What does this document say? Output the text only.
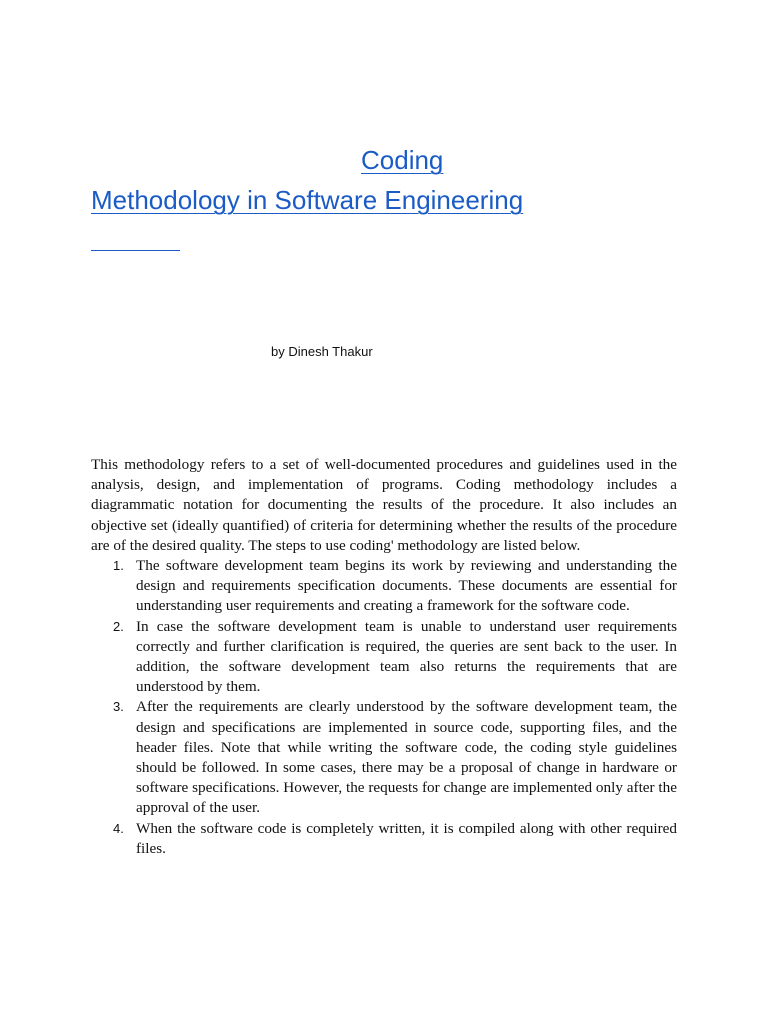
Coding
Methodology in Software Engineering
by Dinesh Thakur

This methodology refers to a set of well-documented procedures and guidelines used in the analysis, design, and implementation of programs. Coding methodology includes a diagrammatic notation for documenting the results of the procedure. It also includes an objective set (ideally quantified) of criteria for determining whether the results of the procedure are of the desired quality. The steps to use coding' methodology are listed below.

1. The software development team begins its work by reviewing and understanding the design and requirements specification documents. These documents are essential for understanding user requirements and creating a framework for the software code.
2. In case the software development team is unable to understand user requirements correctly and further clarification is required, the queries are sent back to the user. In addition, the software development team also returns the requirements that are understood by them.
3. After the requirements are clearly understood by the software development team, the design and specifications are implemented in source code, supporting files, and the header files. Note that while writing the software code, the coding style guidelines should be followed. In some cases, there may be a proposal of change in hardware or software specifications. However, the requests for change are implemented only after the approval of the user.
4. When the software code is completely written, it is compiled along with other required files.
